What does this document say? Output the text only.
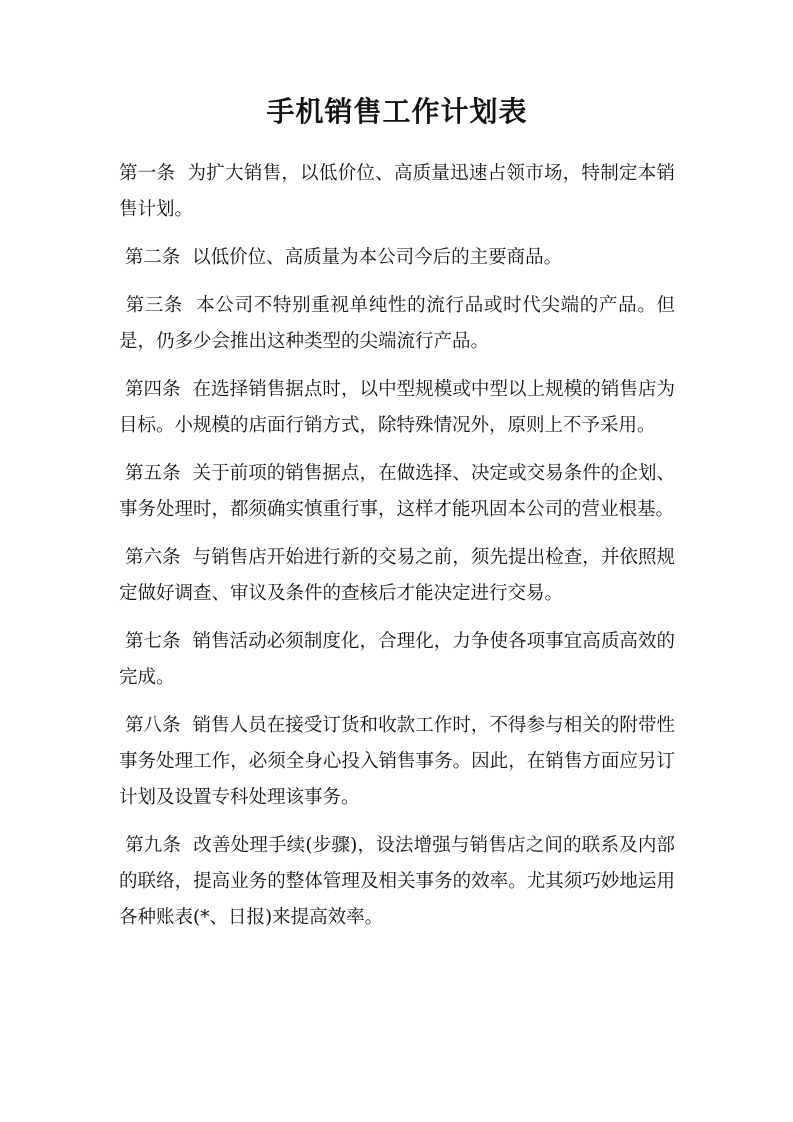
手机销售工作计划表

第一条  为扩大销售，以低价位、高质量迅速占领市场，特制定本销售计划。

第二条  以低价位、高质量为本公司今后的主要商品。

第三条  本公司不特别重视单纯性的流行品或时代尖端的产品。但是，仍多少会推出这种类型的尖端流行产品。

第四条  在选择销售据点时，以中型规模或中型以上规模的销售店为目标。小规模的店面行销方式，除特殊情况外，原则上不予采用。

第五条  关于前项的销售据点，在做选择、决定或交易条件的企划、事务处理时，都须确实慎重行事，这样才能巩固本公司的营业根基。

第六条  与销售店开始进行新的交易之前，须先提出检查，并依照规定做好调查、审议及条件的查核后才能决定进行交易。

第七条  销售活动必须制度化，合理化，力争使各项事宜高质高效的完成。

第八条  销售人员在接受订货和收款工作时，不得参与相关的附带性事务处理工作，必须全身心投入销售事务。因此，在销售方面应另订计划及设置专科处理该事务。

第九条  改善处理手续(步骤)，设法增强与销售店之间的联系及内部的联络，提高业务的整体管理及相关事务的效率。尤其须巧妙地运用各种账表(*、日报)来提高效率。
